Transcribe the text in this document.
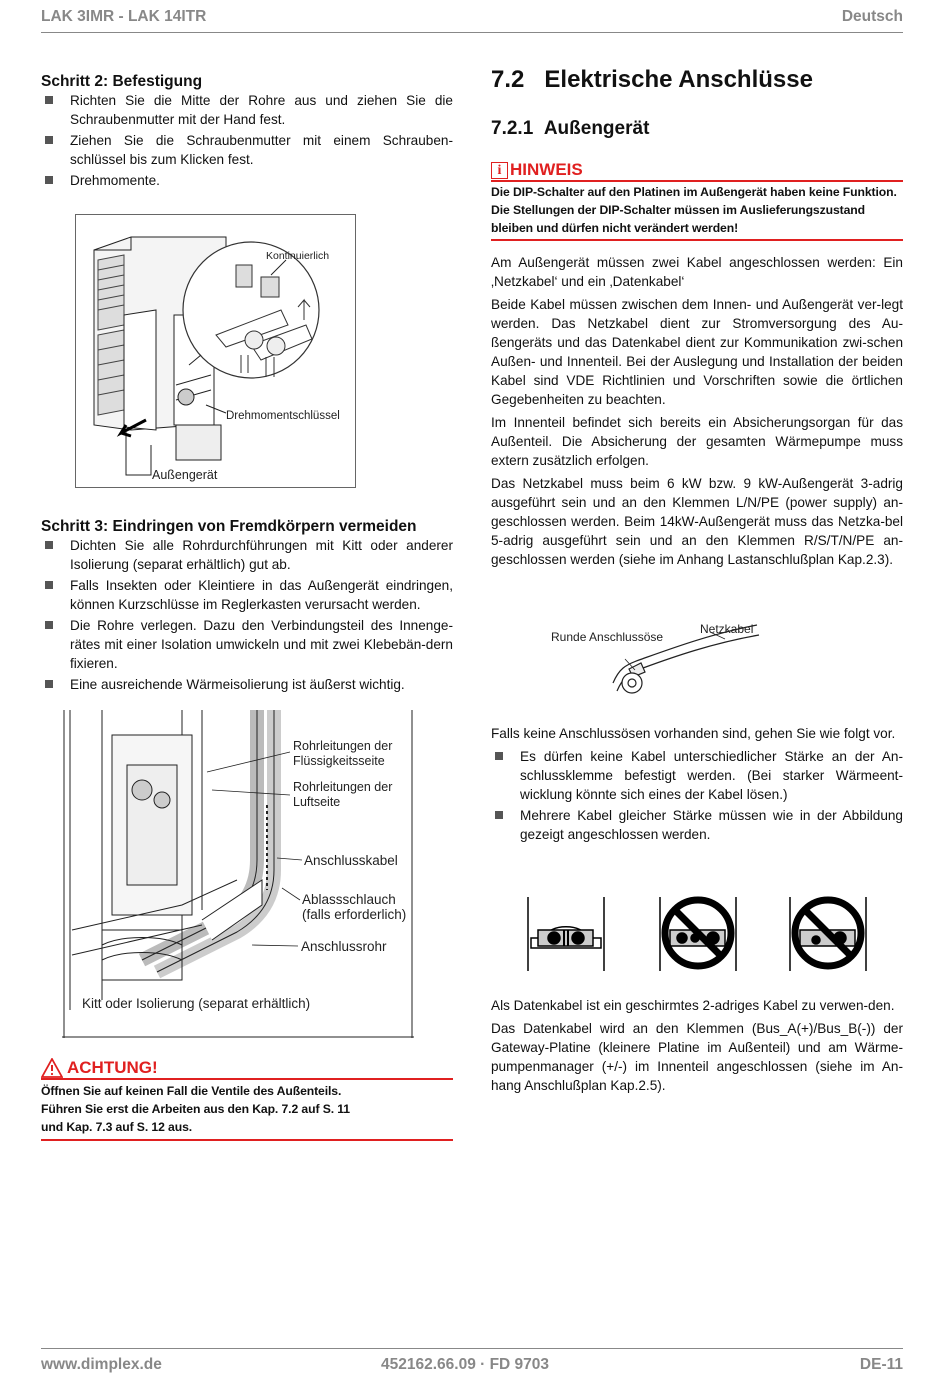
LAK 3IMR - LAK 14ITR	Deutsch
www.dimplex.de	452162.66.09 · FD 9703	DE-11
Schritt 2: Befestigung
Richten Sie die Mitte der Rohre aus und ziehen Sie die Schraubenmutter mit der Hand fest.
Ziehen Sie die Schraubenmutter mit einem Schrauben-schlüssel bis zum Klicken fest.
Drehmomente.
Kontinuierlich
Drehmomentschlüssel
Außengerät
Schritt 3: Eindringen von Fremdkörpern vermeiden
Dichten Sie alle Rohrdurchführungen mit Kitt oder anderer Isolierung (separat erhältlich) gut ab.
Falls Insekten oder Kleintiere in das Außengerät eindringen, können Kurzschlüsse im Reglerkasten verursacht werden.
Die Rohre verlegen. Dazu den Verbindungsteil des Innenge-rätes mit einer Isolation umwickeln und mit zwei Klebebän-dern fixieren.
Eine ausreichende Wärmeisolierung ist äußerst wichtig.
Rohrleitungen der
Flüssigkeitsseite
Rohrleitungen der
Luftseite
Anschlusskabel
Ablassschlauch
(falls erforderlich)
Anschlussrohr
Kitt oder Isolierung (separat erhältlich)
ACHTUNG!
Öffnen Sie auf keinen Fall die Ventile des Außenteils.
Führen Sie erst die Arbeiten aus den Kap. 7.2 auf S. 11
und Kap. 7.3 auf S. 12 aus.
7.2 Elektrische Anschlüsse
7.2.1 Außengerät
i HINWEIS
Die DIP-Schalter auf den Platinen im Außengerät haben keine Funktion.
Die Stellungen der DIP-Schalter müssen im Auslieferungszustand
bleiben und dürfen nicht verändert werden!

Am Außengerät müssen zwei Kabel angeschlossen werden: Ein ‚Netzkabel‘ und ein ‚Datenkabel‘

Beide Kabel müssen zwischen dem Innen- und Außengerät ver-legt werden. Das Netzkabel dient zur Stromversorgung des Au-ßengeräts und das Datenkabel dient zur Kommunikation zwi-schen Außen- und Innenteil. Bei der Auslegung und Installation der beiden Kabel sind VDE Richtlinien und Vorschriften sowie die örtlichen Gegebenheiten zu beachten.

Im Innenteil befindet sich bereits ein Absicherungsorgan für das Außenteil. Die Absicherung der gesamten Wärmepumpe muss extern zusätzlich erfolgen.

Das Netzkabel muss beim 6 kW bzw. 9 kW-Außengerät 3-adrig ausgeführt sein und an den Klemmen L/N/PE (power supply) an-geschlossen werden. Beim 14kW-Außengerät muss das Netzka-bel 5-adrig ausgeführt sein und an den Klemmen R/S/T/N/PE an-geschlossen werden (siehe im Anhang Lastanschlußplan Kap.2.3).

Runde Anschlussöse
Netzkabel

Falls keine Anschlussösen vorhanden sind, gehen Sie wie folgt vor.

Es dürfen keine Kabel unterschiedlicher Stärke an der An-schlussklemme befestigt werden. (Bei starker Wärmeent-wicklung könnte sich eines der Kabel lösen.)
Mehrere Kabel gleicher Stärke müssen wie in der Abbildung gezeigt angeschlossen werden.

Als Datenkabel ist ein geschirmtes 2-adriges Kabel zu verwen-den.

Das Datenkabel wird an den Klemmen (Bus_A(+)/Bus_B(-)) der Gateway-Platine (kleinere Platine im Außenteil) und am Wärme-pumpenmanager (+/-) im Innenteil angeschlossen (siehe im An-hang Anschlußplan Kap.2.5).
